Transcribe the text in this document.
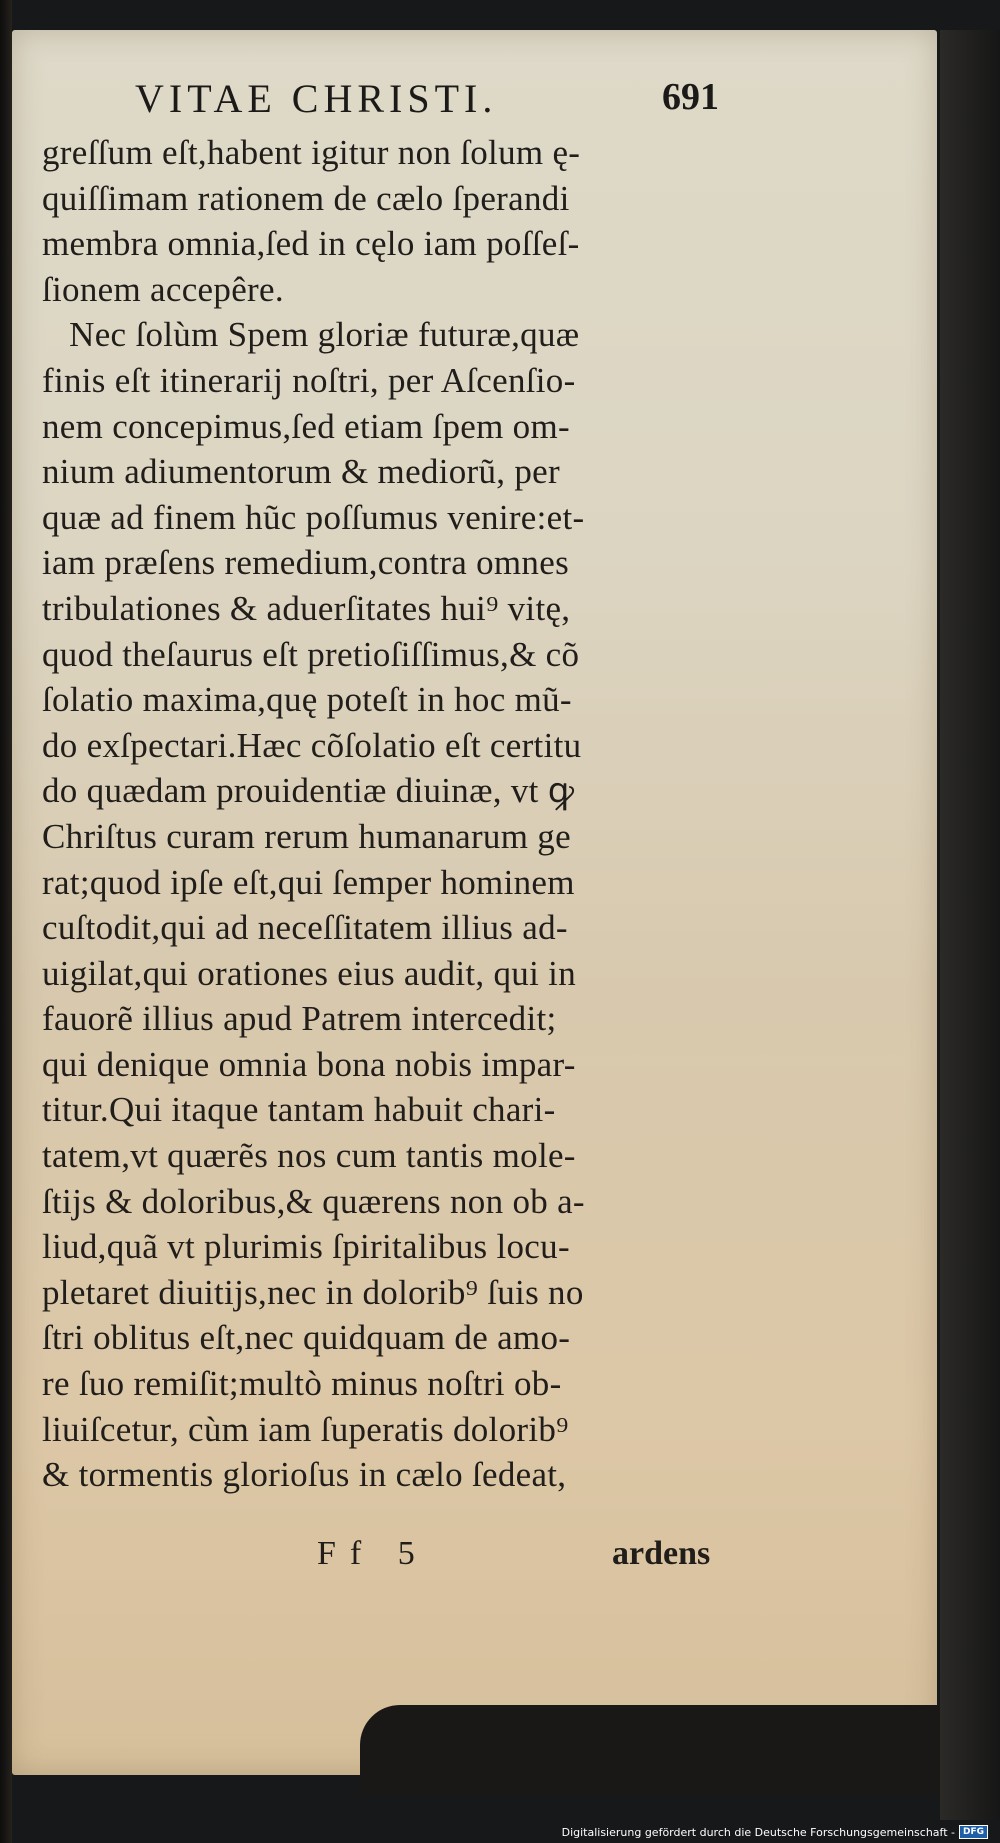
VITAE CHRISTI.	691
greſſum eſt,habent igitur non ſolum ę-
quiſſimam rationem de cælo ſperandi
membra omnia,ſed in cęlo iam poſſeſ-
ſionem accepêre.
Nec ſolùm Spem gloriæ futuræ,quæ
finis eſt itinerarij noſtri, per Aſcenſio-
nem concepimus,ſed etiam ſpem om-
nium adiumentorum & mediorũ, per
quæ ad finem hũc poſſumus venire:et-
iam præſens remedium,contra omnes
tribulationes & aduerſitates hui⁹ vitę,
quod theſaurus eſt pretioſiſſimus,& cõ
ſolatio maxima,quę poteſt in hoc mũ-
do exſpectari.Hæc cõſolatio eſt certitu
do quædam prouidentiæ diuinæ, vt ꝙ
Chriſtus curam rerum humanarum ge
rat;quod ipſe eſt,qui ſemper hominem
cuſtodit,qui ad neceſſitatem illius ad-
uigilat,qui orationes eius audit, qui in
fauorẽ illius apud Patrem intercedit;
qui denique omnia bona nobis impar-
titur.Qui itaque tantam habuit chari-
tatem,vt quærẽs nos cum tantis mole-
ſtijs & doloribus,& quærens non ob a-
liud,quã vt plurimis ſpiritalibus locu-
pletaret diuitijs,nec in dolorib⁹ ſuis no
ſtri oblitus eſt,nec quidquam de amo-
re ſuo remiſit;multò minus noſtri ob-
liuiſcetur, cùm iam ſuperatis dolorib⁹
& tormentis glorioſus in cælo ſedeat,
Ff 5	ardens
Digitalisierung gefördert durch die Deutsche Forschungsgemeinschaft - DFG
